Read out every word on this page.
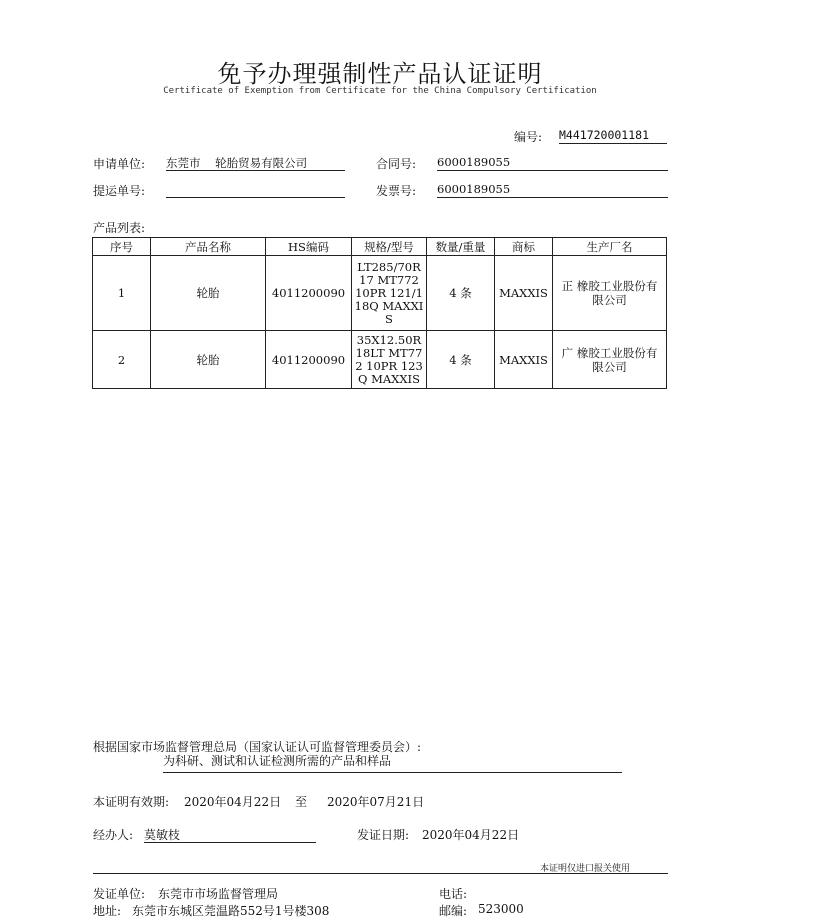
免予办理强制性产品认证证明
Certificate of Exemption from Certificate for the China Compulsory Certification
编号: M441720001181
申请单位: 东莞市    轮胎贸易有限公司	合同号: 6000189055
提运单号:	发票号: 6000189055
产品列表:
序号	产品名称	HS编码	规格/型号	数量/重量	商标	生产厂名
1	轮胎	4011200090	LT285/70R17 MT772 10PR 121/118Q MAXXIS	4 条	MAXXIS	正 橡胶工业股份有限公司
2	轮胎	4011200090	35X12.50R 18LT MT772 10PR 123Q MAXXIS	4 条	MAXXIS	广 橡胶工业股份有限公司
根据国家市场监督管理总局（国家认证认可监督管理委员会）:
为科研、测试和认证检测所需的产品和样品
本证明有效期: 2020年04月22日 至 2020年07月21日
经办人: 莫敏枝	发证日期: 2020年04月22日
本证明仅进口报关使用
发证单位: 东莞市市场监督管理局	电话:
地址: 东莞市东城区莞温路552号1号楼308	邮编: 523000
